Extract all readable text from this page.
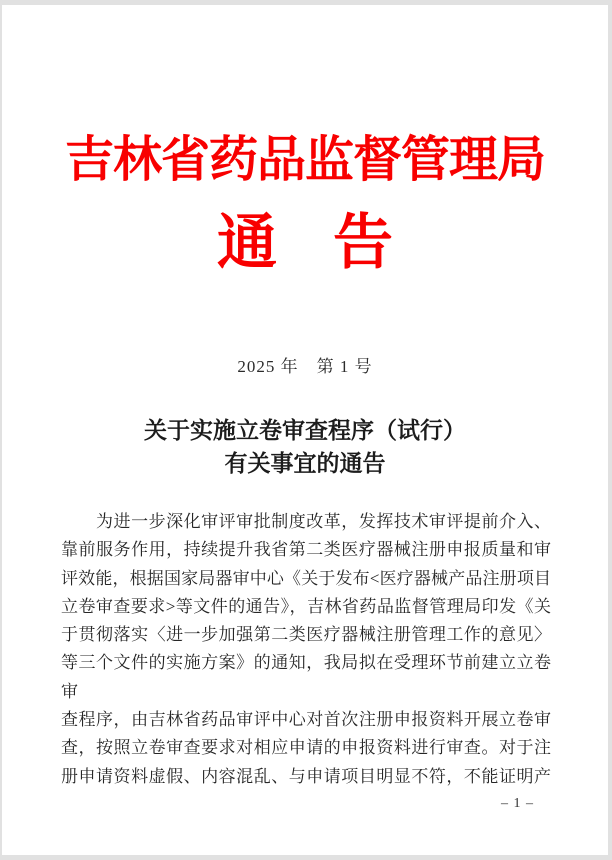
吉林省药品监督管理局
通 告
2025 年　第 1 号
关于实施立卷审查程序（试行）
有关事宜的通告
　　为进一步深化审评审批制度改革，发挥技术审评提前介入、
靠前服务作用，持续提升我省第二类医疗器械注册申报质量和审
评效能，根据国家局器审中心《关于发布<医疗器械产品注册项目
立卷审查要求>等文件的通告》，吉林省药品监督管理局印发《关
于贯彻落实〈进一步加强第二类医疗器械注册管理工作的意见〉
等三个文件的实施方案》的通知，我局拟在受理环节前建立立卷审
查程序，由吉林省药品审评中心对首次注册申报资料开展立卷审
查，按照立卷审查要求对相应申请的申报资料进行审查。对于注
册申请资料虚假、内容混乱、与申请项目明显不符，不能证明产
– 1 –
